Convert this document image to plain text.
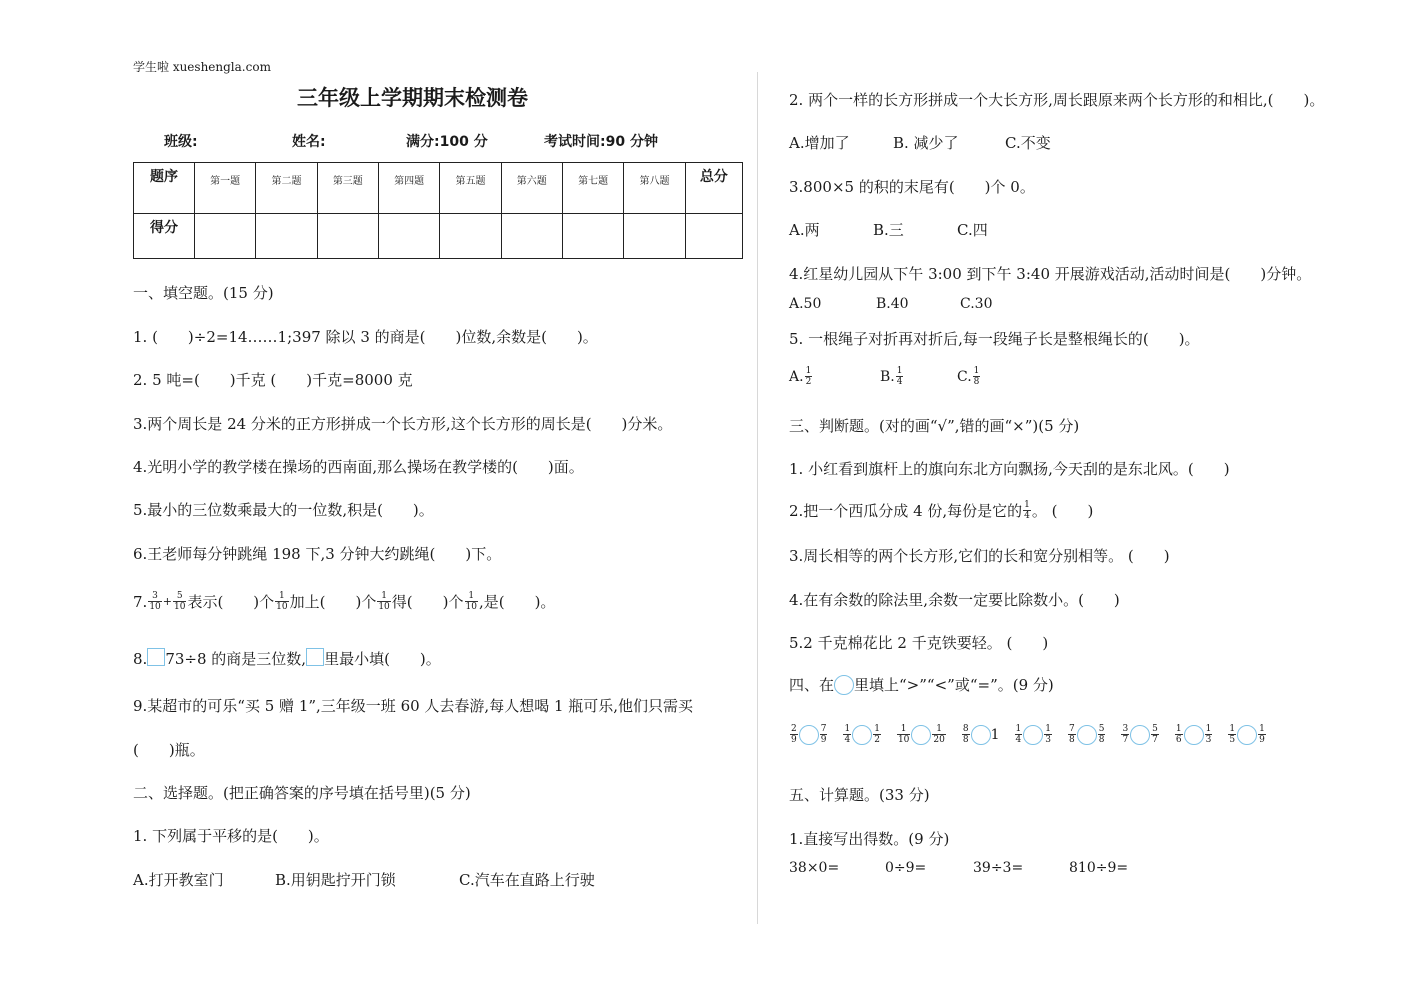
学生啦 xueshengla.com
三年级上学期期末检测卷
班级:	姓名:	满分:100 分	考试时间:90 分钟
题序	第一题	第二题	第三题	第四题	第五题	第六题	第七题	第八题	总分
得分									
一、填空题。(15 分)
1. (　　)÷2=14……1;397 除以 3 的商是(　　)位数,余数是(　　)。
2. 5 吨=(　　)千克 (　　)千克=8000 克
3.两个周长是 24 分米的正方形拼成一个长方形,这个长方形的周长是(　　)分米。
4.光明小学的教学楼在操场的西南面,那么操场在教学楼的(　　)面。
5.最小的三位数乘最大的一位数,积是(　　)。
6.王老师每分钟跳绳 198 下,3 分钟大约跳绳(　　)下。
7. $\frac{3}{10} + \frac{5}{10}$ 表示(　　)个 $\frac{1}{10}$ 加上(　　)个 $\frac{1}{10}$ 得(　　)个 $\frac{1}{10}$ ,是(　　)。
8. 73÷8 的商是三位数, 里最小填(　　)。
9.某超市的可乐“买 5 赠 1”,三年级一班 60 人去春游,每人想喝 1 瓶可乐,他们只需买
(　　)瓶。
二、选择题。(把正确答案的序号填在括号里)(5 分)
1. 下列属于平移的是(　　)。
A.打开教室门	B.用钥匙拧开门锁	C.汽车在直路上行驶
2. 两个一样的长方形拼成一个大长方形,周长跟原来两个长方形的和相比,(　　)。
A.增加了	B. 减少了	C.不变
3.800×5 的积的末尾有(　　)个 0。
A.两	B.三	C.四
4.红星幼儿园从下午 3:00 到下午 3:40 开展游戏活动,活动时间是(　　)分钟。
A.50	B.40	C.30
5. 一根绳子对折再对折后,每一段绳子长是整根绳长的(　　)。
A. $\frac{1}{2}$	B. $\frac{1}{4}$	C. $\frac{1}{8}$
三、判断题。(对的画“√”,错的画“×”)(5 分)
1. 小红看到旗杆上的旗向东北方向飘扬,今天刮的是东北风。(　　)
2.把一个西瓜分成 4 份,每份是它的 $\frac{1}{4}$ 。 (　　)
3.周长相等的两个长方形,它们的长和宽分别相等。 (　　)
4.在有余数的除法里,余数一定要比除数小。(　　)
5.2 千克棉花比 2 千克铁要轻。 (　　)
四、在 里填上“>”“<”或“=”。(9 分)
$\frac{2}{9} \frac{7}{9} \frac{1}{4} \frac{1}{2} \frac{1}{10} \frac{1}{20} \frac{8}{8} 1 \frac{1}{4} \frac{1}{3} \frac{7}{8} \frac{5}{8} \frac{3}{7} \frac{5}{7} \frac{1}{6} \frac{1}{3} \frac{1}{5} \frac{1}{9}$
五、计算题。(33 分)
1.直接写出得数。(9 分)
38×0=	0÷9=	39÷3=	810÷9=
